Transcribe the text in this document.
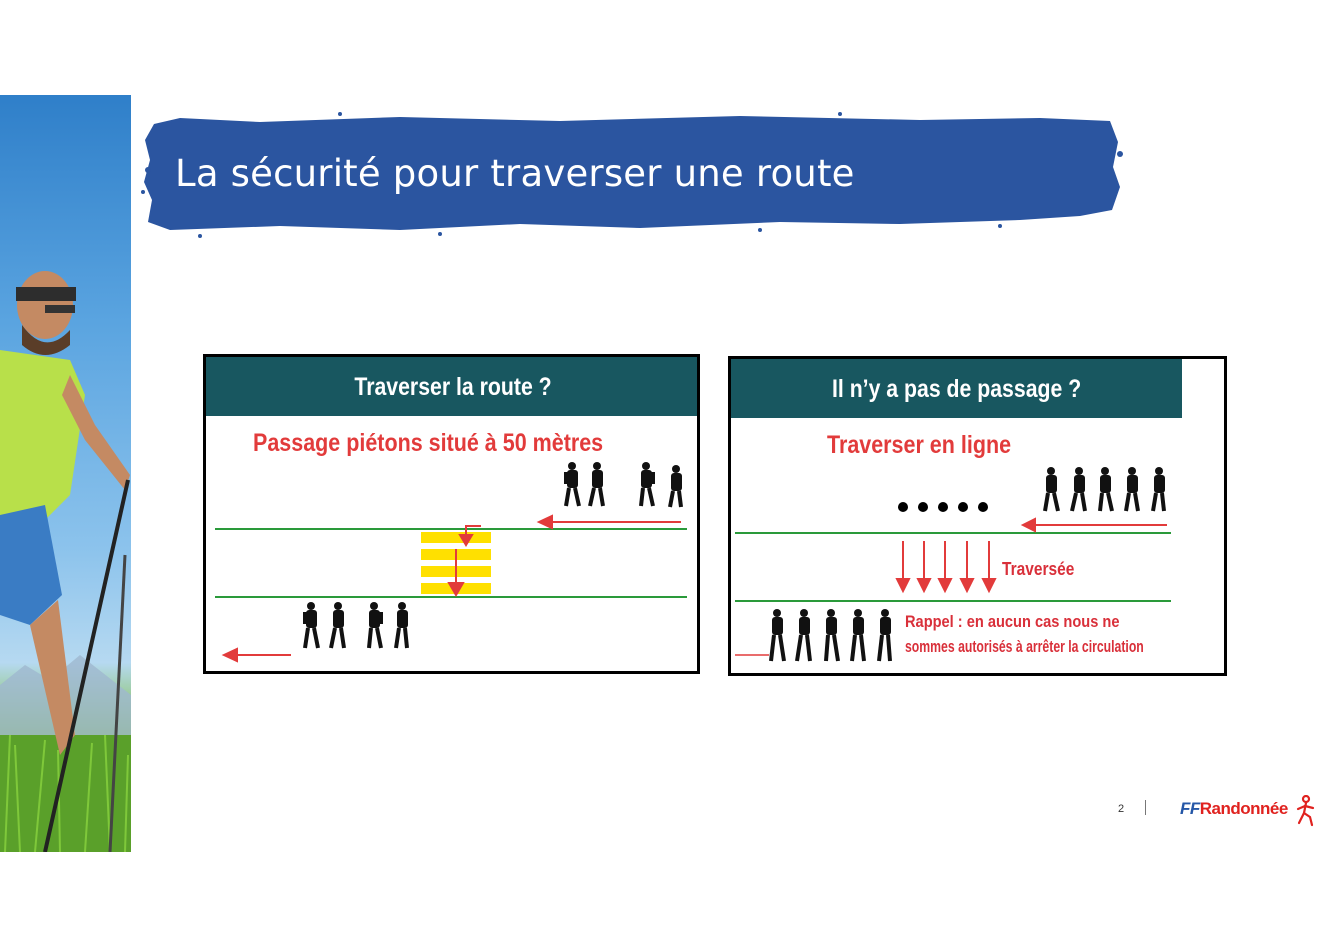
La sécurité pour traverser une route
Traverser la route ?
Passage piétons situé à 50 mètres
Il n’y a pas de passage ?
Traverser en ligne
Traversée
Rappel : en aucun cas nous ne
sommes autorisés à arrêter la circulation
2	FFRandonnée
